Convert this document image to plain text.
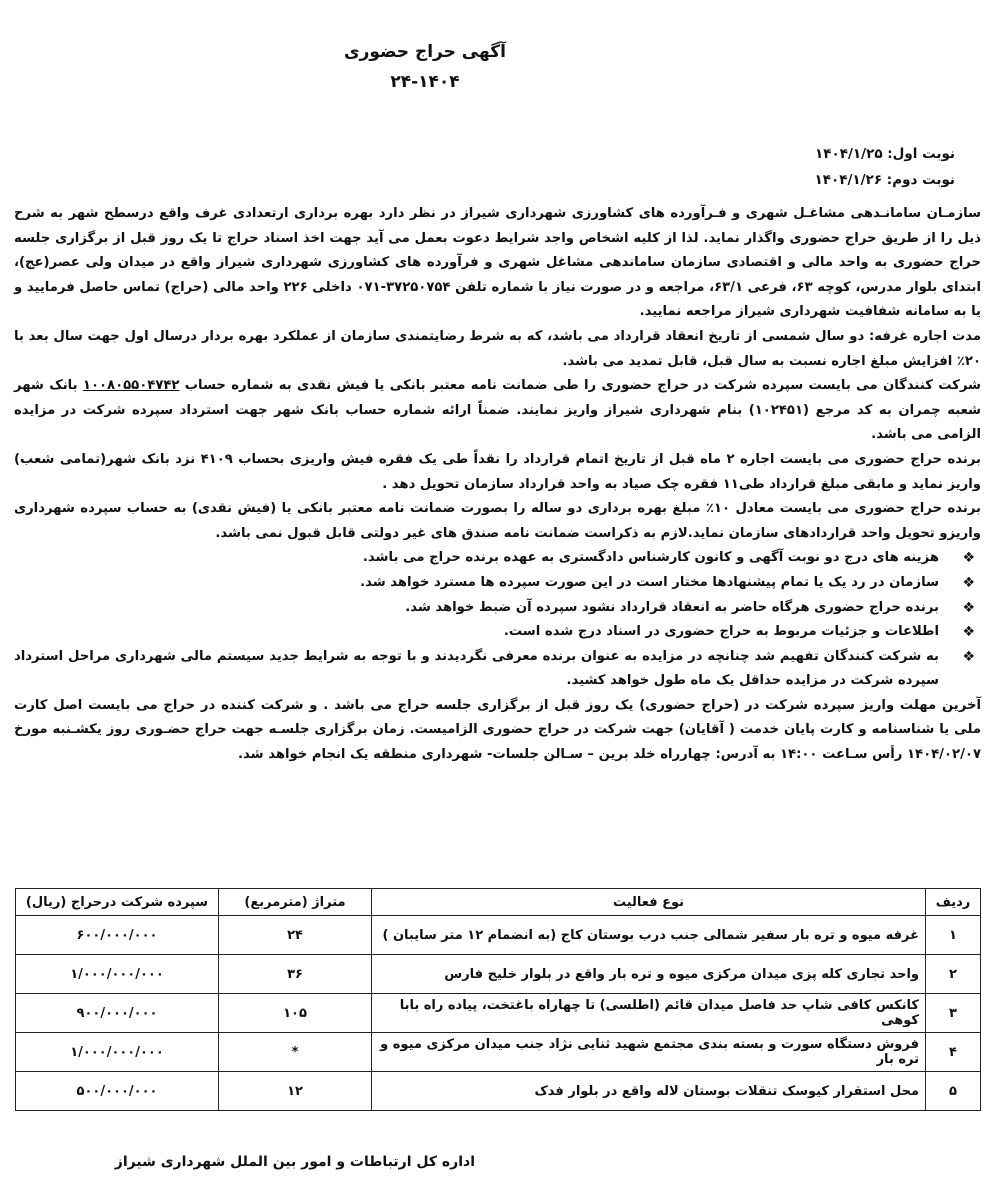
آگهی حراج حضوری
۲۴-۱۴۰۴
نوبت اول: ۱۴۰۴/۱/۲۵
نوبت دوم: ۱۴۰۴/۱/۲۶

سازمـان سامانـدهی مشاغـل شهری و فـرآورده های کشاورزی شهرداری شیراز در نظر دارد بهره برداری ارتعدادی غرف واقع درسطح شهر به شرح ذیل را از طریق حراج حضوری واگذار نماید. لذا از کلیه اشخاص واجد شرایط دعوت بعمل می آید جهت اخذ اسناد حراج تا یک روز قبل از برگزاری جلسه حراج حضوری به واحد مالی و اقتصادی سازمان ساماندهی مشاغل شهری و فرآورده های کشاورزی شهرداری شیراز واقع در میدان ولی عصر(عج)، ابتدای بلوار مدرس، کوچه ۶۳، فرعی ۶۳/۱، مراجعه و در صورت نیاز با شماره تلفن ۳۷۲۵۰۷۵۴-۰۷۱ داخلی ۲۲۶ واحد مالی (حراج) تماس حاصل فرمایید و یا به سامانه شفافیت شهرداری شیراز مراجعه نمایید.

مدت اجاره غرفه: دو سال شمسی از تاریخ انعقاد قرارداد می باشد، که به شرط رضایتمندی سازمان از عملکرد بهره بردار درسال اول جهت سال بعد با ۲۰٪ افزایش مبلغ اجاره نسبت به سال قبل، قابل تمدید می باشد.

شرکت کنندگان می بایست سپرده شرکت در حراج حضوری را طی ضمانت نامه معتبر بانکی یا فیش نقدی به شماره حساب ۱۰۰۸۰۵۵۰۴۷۴۲ بانک شهر شعبه چمران به کد مرجع (۱۰۲۴۵۱) بنام شهرداری شیراز واریز نمایند. ضمناً ارائه شماره حساب بانک شهر جهت استرداد سپرده شرکت در مزایده الزامی می باشد.

برنده حراج حضوری می بایست اجاره ۲ ماه قبل از تاریخ اتمام قرارداد را نقداً طی یک فقره فیش واریزی بحساب ۴۱۰۹ نزد بانک شهر(تمامی شعب) واریز نماید و مابقی مبلغ قرارداد طی۱۱ فقره چک صیاد به واحد قرارداد سازمان تحویل دهد .

برنده حراج حضوری می بایست معادل ۱۰٪ مبلغ بهره برداری دو ساله را بصورت ضمانت نامه معتبر بانکی یا (فیش نقدی) به حساب سپرده شهرداری واریزو تحویل واحد قراردادهای سازمان نماید.لازم به ذکراست ضمانت نامه صندق های غیر دولتی قابل قبول نمی باشد.

❖
هزینه های درج دو نوبت آگهی و کانون کارشناس دادگستری به عهده برنده حراج می باشد.
❖
سازمان در رد یک یا تمام پیشنهادها مختار است در این صورت سپرده ها مسترد خواهد شد.
❖
برنده حراج حضوری هرگاه حاضر به انعقاد قرارداد نشود سپرده آن ضبط خواهد شد.
❖
اطلاعات و جزئیات مربوط به حراج حضوری در اسناد درج شده است.
❖
به شرکت کنندگان تفهیم شد چنانچه در مزایده به عنوان برنده معرفی نگردیدند و با توجه به شرایط جدید سیستم مالی شهرداری مراحل استرداد سپرده شرکت در مزایده حداقل یک ماه طول خواهد کشید.

آخرین مهلت واریز سپرده شرکت در (حراج حضوری) یک روز قبل از برگزاری جلسه حراج می باشد . و شرکت کننده در حراج می بایست اصل کارت ملی یا شناسنامه و کارت پایان خدمت ( آقایان) جهت شرکت در حراج حضوری الزامیست. زمان برگزاری جلسـه جهت حراج حضـوری روز یکشـنبه مورخ ۱۴۰۴/۰۲/۰۷ رأس سـاعت ۱۴:۰۰ به آدرس: چهارراه خلد برین – سـالن جلسات- شهرداری منطقه یک انجام خواهد شد.

ردیف	نوع فعالیت	متراژ (مترمربع)	سپرده شرکت درحراج (ریال)
۱	غرفه میوه و تره بار سفیر شمالی جنب درب بوستان کاج (به انضمام ۱۲ متر سایبان )	۲۴	۶۰۰/۰۰۰/۰۰۰
۲	واحد تجاری کله پزی میدان مرکزی میوه و تره بار واقع در بلوار خلیج فارس	۳۶	۱/۰۰۰/۰۰۰/۰۰۰
۳	کانکس کافی شاپ حد فاصل میدان قائم (اطلسی) تا چهاراه باغتخت، پیاده راه بابا کوهی	۱۰۵	۹۰۰/۰۰۰/۰۰۰
۴	فروش دستگاه سورت و بسته بندی مجتمع شهید ثنایی نژاد جنب میدان مرکزی میوه و تره بار	*	۱/۰۰۰/۰۰۰/۰۰۰
۵	محل استقرار کیوسک تنقلات بوستان لاله واقع در بلوار فدک	۱۲	۵۰۰/۰۰۰/۰۰۰
اداره کل ارتباطات و امور بین الملل شهرداری شیراز
